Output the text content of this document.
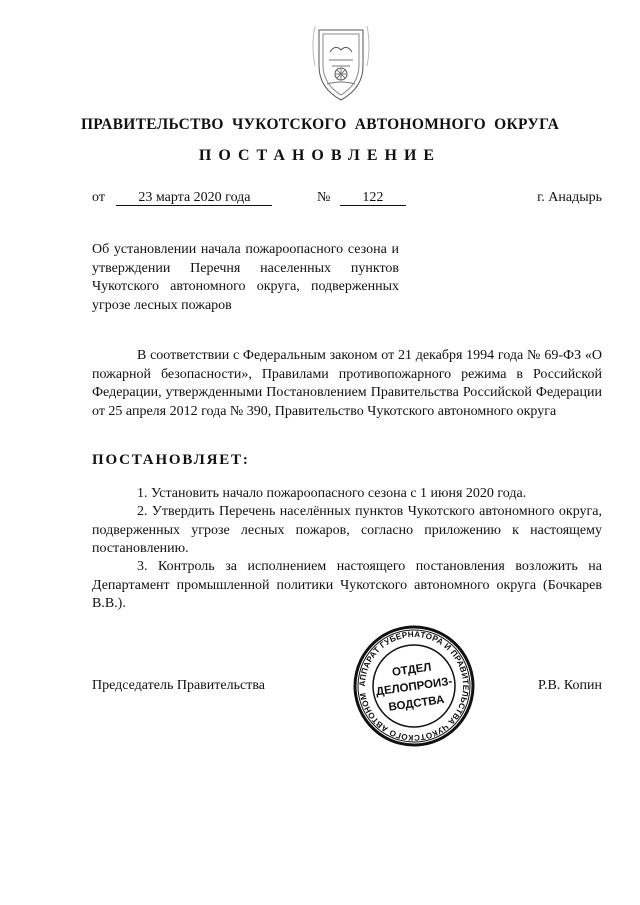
ПРАВИТЕЛЬСТВО ЧУКОТСКОГО АВТОНОМНОГО ОКРУГА
ПОСТАНОВЛЕНИЕ
от 23 марта 2020 года	№ 122	г. Анадырь

Об установлении начала пожароопасного сезона и утверждении Перечня населенных пунктов Чукотского автономного округа, подверженных угрозе лесных пожаров

В соответствии с Федеральным законом от 21 декабря 1994 года № 69-ФЗ «О пожарной безопасности», Правилами противопожарного режима в Российской Федерации, утвержденными Постановлением Правительства Российской Федерации от 25 апреля 2012 года № 390, Правительство Чукотского автономного округа

ПОСТАНОВЛЯЕТ:

1. Установить начало пожароопасного сезона с 1 июня 2020 года.

2. Утвердить Перечень населённых пунктов Чукотского автономного округа, подверженных угрозе лесных пожаров, согласно приложению к настоящему постановлению.

3. Контроль за исполнением настоящего постановления возложить на Департамент промышленной политики Чукотского автономного округа (Бочкарев В.В.).

Председатель Правительства	Р.В. Копин
АППАРАТ ГУБЕРНАТОРА И ПРАВИТЕЛЬСТВА ЧУКОТСКОГО АВТОНОМНОГО
ОТДЕЛ
ДЕЛОПРОИЗ-
ВОДСТВА
